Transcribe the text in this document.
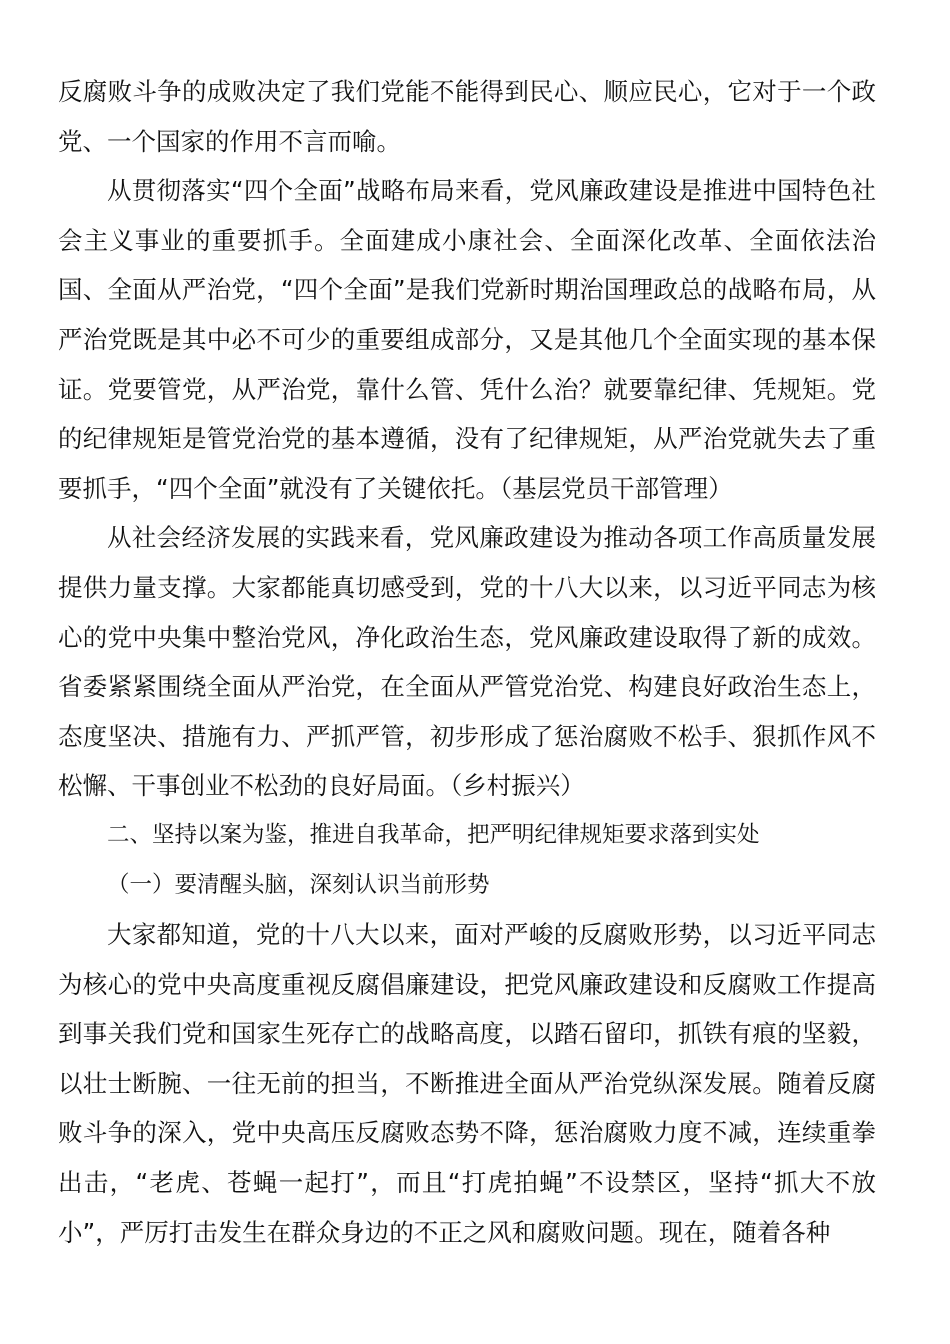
反腐败斗争的成败决定了我们党能不能得到民心、顺应民心，它对于一个政党、一个国家的作用不言而喻。

从贯彻落实“四个全面”战略布局来看，党风廉政建设是推进中国特色社会主义事业的重要抓手。全面建成小康社会、全面深化改革、全面依法治国、全面从严治党，“四个全面”是我们党新时期治国理政总的战略布局，从严治党既是其中必不可少的重要组成部分，又是其他几个全面实现的基本保证。党要管党，从严治党，靠什么管、凭什么治？就要靠纪律、凭规矩。党的纪律规矩是管党治党的基本遵循，没有了纪律规矩，从严治党就失去了重要抓手，“四个全面”就没有了关键依托。（基层党员干部管理）

从社会经济发展的实践来看，党风廉政建设为推动各项工作高质量发展提供力量支撑。大家都能真切感受到，党的十八大以来，以习近平同志为核心的党中央集中整治党风，净化政治生态，党风廉政建设取得了新的成效。省委紧紧围绕全面从严治党，在全面从严管党治党、构建良好政治生态上，态度坚决、措施有力、严抓严管，初步形成了惩治腐败不松手、狠抓作风不松懈、干事创业不松劲的良好局面。（乡村振兴）

二、坚持以案为鉴，推进自我革命，把严明纪律规矩要求落到实处

（一）要清醒头脑，深刻认识当前形势

大家都知道，党的十八大以来，面对严峻的反腐败形势，以习近平同志为核心的党中央高度重视反腐倡廉建设，把党风廉政建设和反腐败工作提高到事关我们党和国家生死存亡的战略高度，以踏石留印，抓铁有痕的坚毅，以壮士断腕、一往无前的担当，不断推进全面从严治党纵深发展。随着反腐败斗争的深入，党中央高压反腐败态势不降，惩治腐败力度不减，连续重拳出击，“老虎、苍蝇一起打”，而且“打虎拍蝇”不设禁区，坚持“抓大不放小”，严厉打击发生在群众身边的不正之风和腐败问题。现在，随着各种
